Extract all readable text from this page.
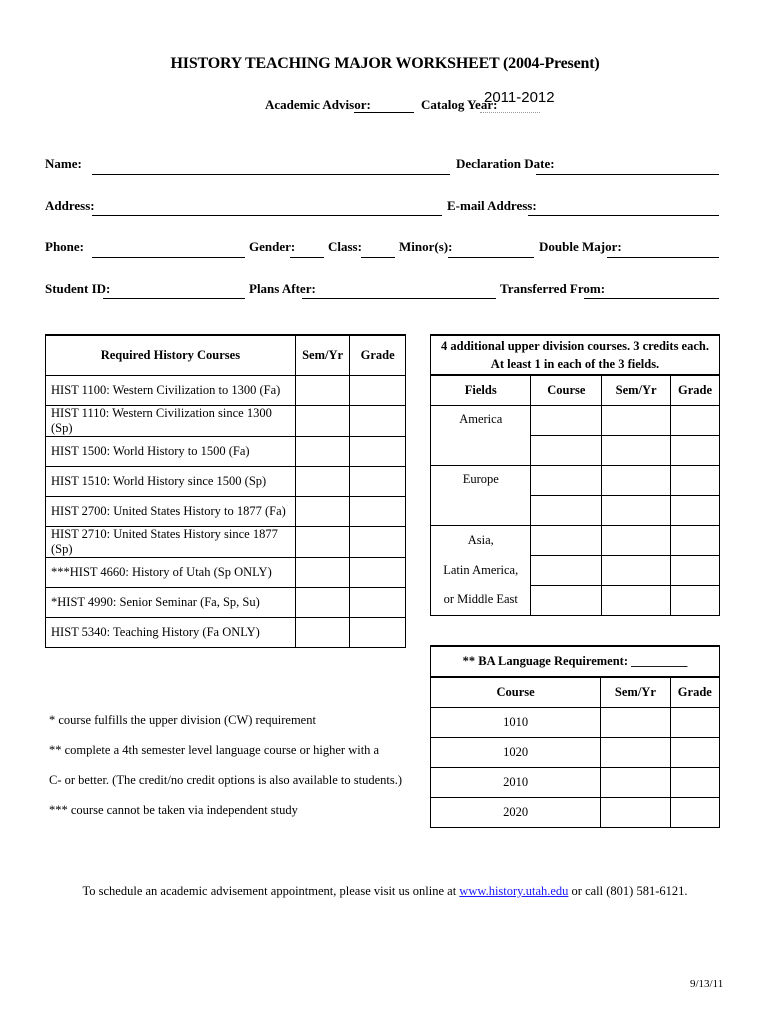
HISTORY TEACHING MAJOR WORKSHEET (2004-Present)
Academic Advisor:	Catalog Year:
2011-2012
Name:	Declaration Date:
Address:	E-mail Address:
Phone:	Gender:	Class:	Minor(s):	Double Major:
Student ID:	Plans After:	Transferred From:
Required History Courses	Sem/Yr	Grade
HIST 1100: Western Civilization to 1300 (Fa)		
HIST 1110: Western Civilization since 1300 (Sp)		
HIST 1500: World History to 1500 (Fa)		
HIST 1510: World History since 1500 (Sp)		
HIST 2700: United States History to 1877 (Fa)		
HIST 2710: United States History since 1877 (Sp)		
***HIST 4660: History of Utah (Sp ONLY)		
*HIST 4990: Senior Seminar (Fa, Sp, Su)		
HIST 5340: Teaching History (Fa ONLY)		
4 additional upper division courses. 3 credits each.
At least 1 in each of the 3 fields.			

Fields	Course	Sem/Yr	Grade
America			

Europe			

Asia,			
Latin America,			
or Middle East			
** BA Language Requirement: _________		
Course	Sem/Yr	Grade
1010		
1020		
2010		
2020		
* course fulfills the upper division (CW) requirement
** complete a 4th semester level language course or higher with a
C- or better. (The credit/no credit options is also available to students.)
*** course cannot be taken via independent study
To schedule an academic advisement appointment, please visit us online at www.history.utah.edu or call (801) 581-6121.
9/13/11
